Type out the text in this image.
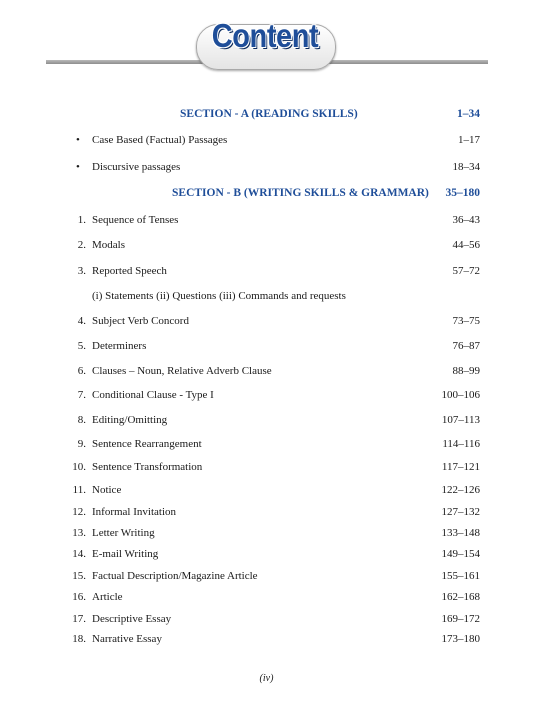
Content
SECTION - A (READING SKILLS)	1–34
•	Case Based (Factual) Passages	1–17
•	Discursive passages	18–34
SECTION - B (WRITING SKILLS & GRAMMAR) 35–180
1. Sequence of Tenses	36–43
2. Modals	44–56
3. Reported Speech	57–72
(i) Statements (ii) Questions (iii) Commands and requests
4. Subject Verb Concord	73–75
5. Determiners	76–87
6. Clauses – Noun, Relative Adverb Clause	88–99
7. Conditional Clause - Type I	100–106
8. Editing/Omitting	107–113
9. Sentence Rearrangement	114–116
10. Sentence Transformation	117–121
11. Notice	122–126
12. Informal Invitation	127–132
13. Letter Writing	133–148
14. E-mail Writing	149–154
15. Factual Description/Magazine Article	155–161
16. Article	162–168
17. Descriptive Essay	169–172
18. Narrative Essay	173–180
(iv)
